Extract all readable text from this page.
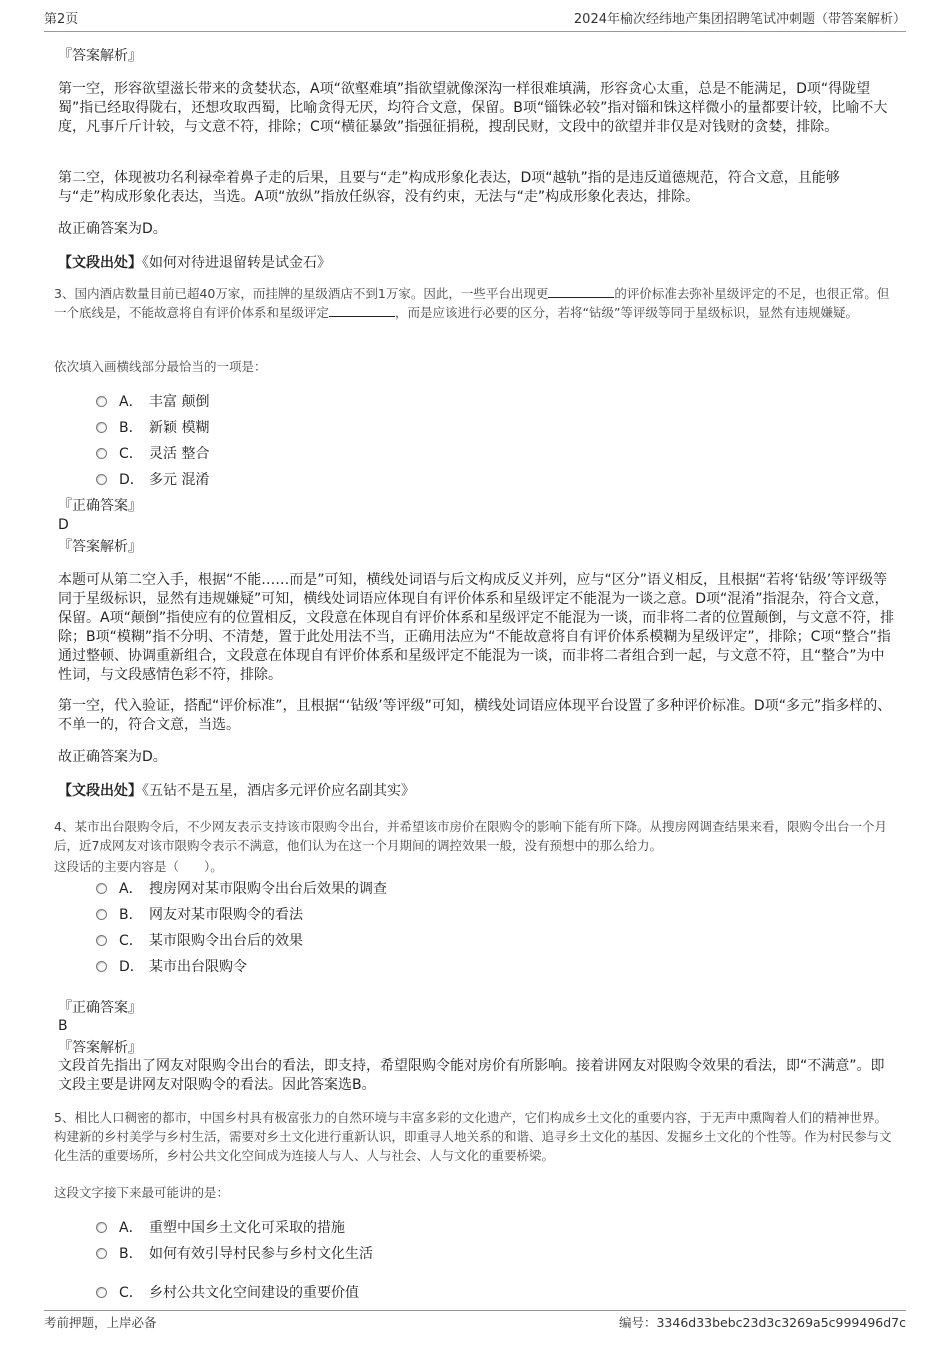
第2页	2024年榆次经纬地产集团招聘笔试冲刺题（带答案解析）
『答案解析』

第一空，形容欲望滋长带来的贪婪状态，A项“欲壑难填”指欲望就像深沟一样很难填满，形容贪心太重，总是不能满足，D项“得陇望蜀”指已经取得陇右，还想攻取西蜀，比喻贪得无厌，均符合文意，保留。B项“锱铢必较”指对锱和铢这样微小的量都要计较，比喻不大度，凡事斤斤计较，与文意不符，排除；C项“横征暴敛”指强征捐税，搜刮民财，文段中的欲望并非仅是对钱财的贪婪，排除。

第二空，体现被功名利禄牵着鼻子走的后果，且要与“走”构成形象化表达，D项“越轨”指的是违反道德规范，符合文意，且能够与“走”构成形象化表达，当选。A项“放纵”指放任纵容，没有约束，无法与“走”构成形象化表达，排除。

故正确答案为D。

【文段出处】《如何对待进退留转是试金石》

3、国内酒店数量目前已超40万家，而挂牌的星级酒店不到1万家。因此，一些平台出现更	的评价标准去弥补星级评定的不足，也很正常。但一个底线是，不能故意将自有评价体系和星级评定	，而是应该进行必要的区分，若将“钻级”等评级等同于星级标识，显然有违规嫌疑。

依次填入画横线部分最恰当的一项是：

A． 丰富 颠倒
B． 新颖 模糊
C． 灵活 整合
D． 多元 混淆
『正确答案』
D
『答案解析』

本题可从第二空入手，根据“不能……而是”可知，横线处词语与后文构成反义并列，应与“区分”语义相反，且根据“若将‘钻级’等评级等同于星级标识，显然有违规嫌疑”可知，横线处词语应体现自有评价体系和星级评定不能混为一谈之意。D项“混淆”指混杂，符合文意，保留。A项“颠倒”指使应有的位置相反，文段意在体现自有评价体系和星级评定不能混为一谈，而非将二者的位置颠倒，与文意不符，排除；B项“模糊”指不分明、不清楚，置于此处用法不当，正确用法应为“不能故意将自有评价体系模糊为星级评定”，排除；C项“整合”指通过整顿、协调重新组合，文段意在体现自有评价体系和星级评定不能混为一谈，而非将二者组合到一起，与文意不符，且“整合”为中性词，与文段感情色彩不符，排除。

第一空，代入验证，搭配“评价标准”，且根据“‘钻级’等评级”可知，横线处词语应体现平台设置了多种评价标准。D项“多元”指多样的、不单一的，符合文意，当选。

故正确答案为D。

【文段出处】《五钻不是五星，酒店多元评价应名副其实》

4、某市出台限购令后，不少网友表示支持该市限购令出台，并希望该市房价在限购令的影响下能有所下降。从搜房网调查结果来看，限购令出台一个月后，近7成网友对该市限购令表示不满意，他们认为在这一个月期间的调控效果一般，没有预想中的那么给力。

这段话的主要内容是（　　）。

A． 搜房网对某市限购令出台后效果的调查
B． 网友对某市限购令的看法
C． 某市限购令出台后的效果
D． 某市出台限购令
『正确答案』
B
『答案解析』

文段首先指出了网友对限购令出台的看法，即支持，希望限购令能对房价有所影响。接着讲网友对限购令效果的看法，即“不满意”。即文段主要是讲网友对限购令的看法。因此答案选B。

5、相比人口稠密的都市，中国乡村具有极富张力的自然环境与丰富多彩的文化遗产，它们构成乡土文化的重要内容，于无声中熏陶着人们的精神世界。构建新的乡村美学与乡村生活，需要对乡土文化进行重新认识，即重寻人地关系的和谐、追寻乡土文化的基因、发掘乡土文化的个性等。作为村民参与文化生活的重要场所，乡村公共文化空间成为连接人与人、人与社会、人与文化的重要桥梁。

这段文字接下来最可能讲的是：

A． 重塑中国乡土文化可采取的措施
B． 如何有效引导村民参与乡村文化生活
C． 乡村公共文化空间建设的重要价值
考前押题，上岸必备	编号：3346d33bebc23d3c3269a5c999496d7c
